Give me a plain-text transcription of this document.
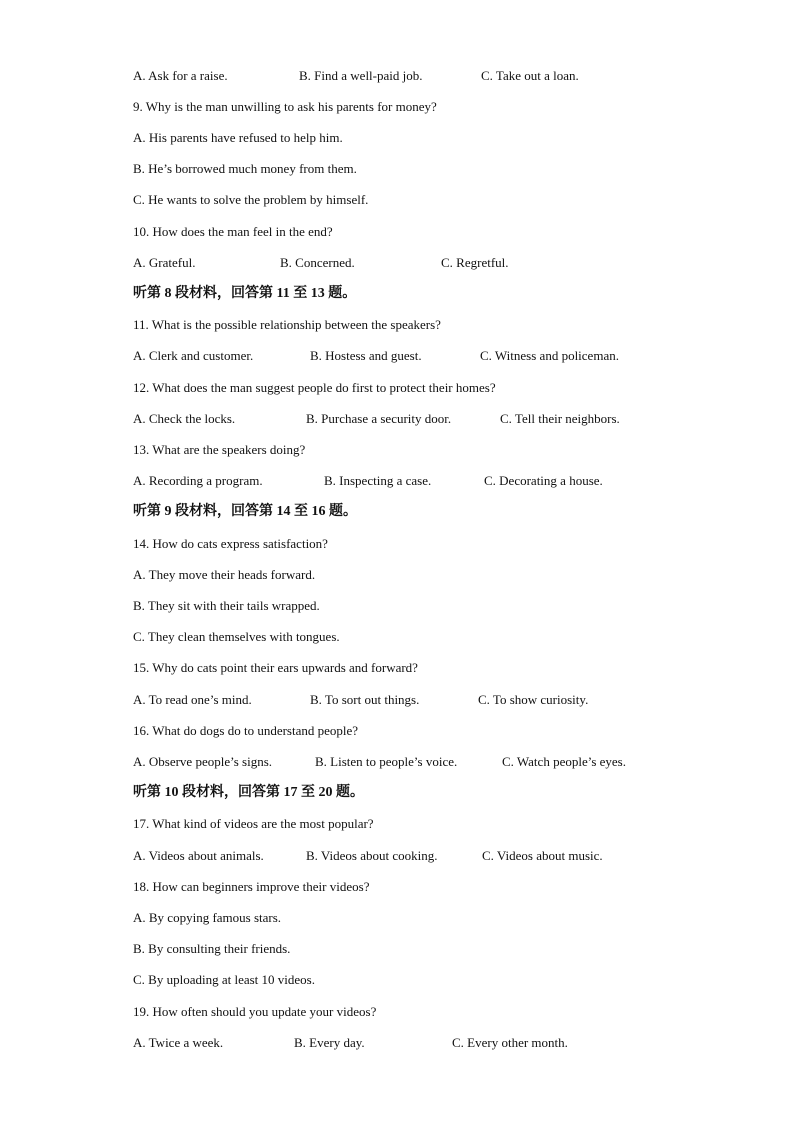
A. Ask for a raise.	B. Find a well-paid job.	C. Take out a loan.
9. Why is the man unwilling to ask his parents for money?
A. His parents have refused to help him.
B. He’s borrowed much money from them.
C. He wants to solve the problem by himself.
10. How does the man feel in the end?
A. Grateful.	B. Concerned.	C. Regretful.
听第 8 段材料，回答第 11 至 13 题。
11. What is the possible relationship between the speakers?
A. Clerk and customer.	B. Hostess and guest.	C. Witness and policeman.
12. What does the man suggest people do first to protect their homes?
A. Check the locks.	B. Purchase a security door.	C. Tell their neighbors.
13. What are the speakers doing?
A. Recording a program.	B. Inspecting a case.	C. Decorating a house.
听第 9 段材料，回答第 14 至 16 题。
14. How do cats express satisfaction?
A. They move their heads forward.
B. They sit with their tails wrapped.
C. They clean themselves with tongues.
15. Why do cats point their ears upwards and forward?
A. To read one’s mind.	B. To sort out things.	C. To show curiosity.
16. What do dogs do to understand people?
A. Observe people’s signs.	B. Listen to people’s voice.	C. Watch people’s eyes.
听第 10 段材料，回答第 17 至 20 题。
17. What kind of videos are the most popular?
A. Videos about animals.	B. Videos about cooking.	C. Videos about music.
18. How can beginners improve their videos?
A. By copying famous stars.
B. By consulting their friends.
C. By uploading at least 10 videos.
19. How often should you update your videos?
A. Twice a week.	B. Every day.	C. Every other month.
